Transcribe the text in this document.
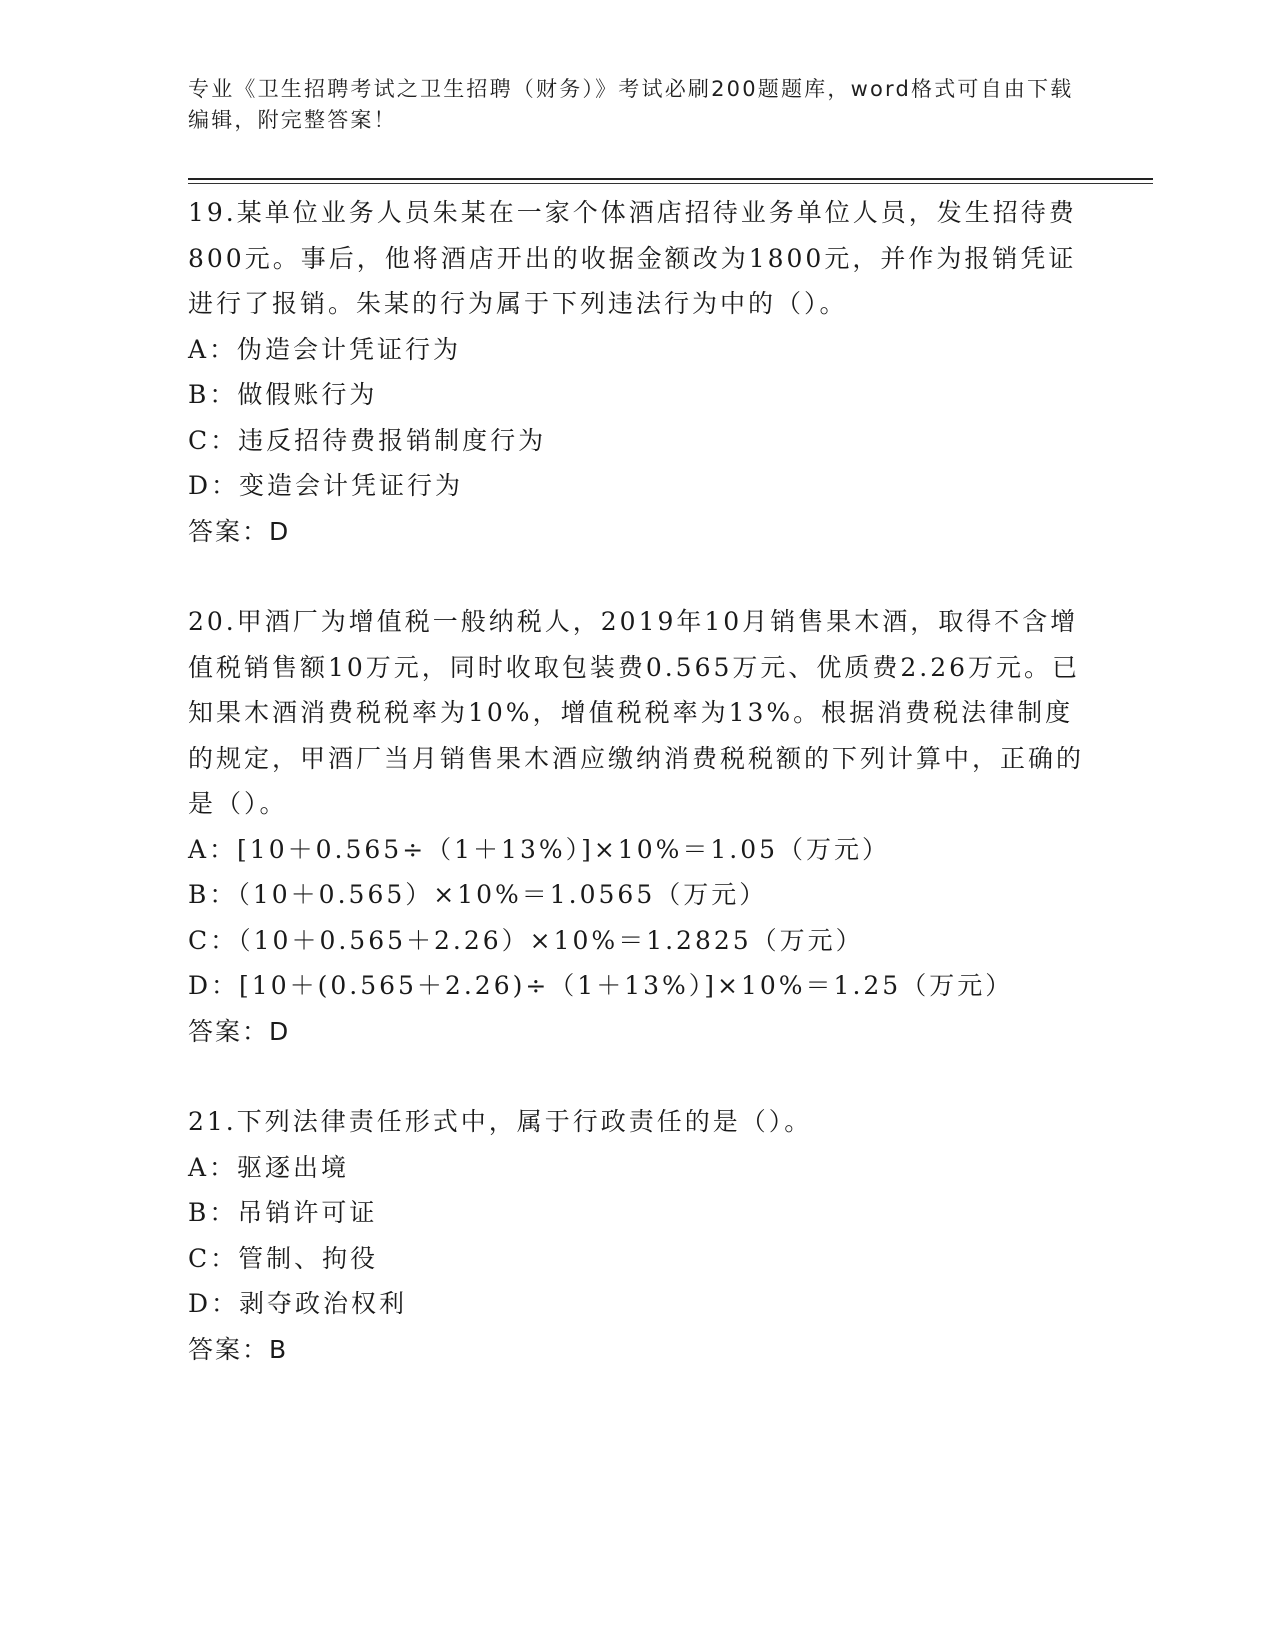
专业《卫生招聘考试之卫生招聘（财务）》考试必刷200题题库，word格式可自由下载编辑，附完整答案！

19.某单位业务人员朱某在一家个体酒店招待业务单位人员，发生招待费800元。事后，他将酒店开出的收据金额改为1800元，并作为报销凭证进行了报销。朱某的行为属于下列违法行为中的（）。

A：伪造会计凭证行为

B：做假账行为

C：违反招待费报销制度行为

D：变造会计凭证行为

答案：D

20.甲酒厂为增值税一般纳税人，2019年10月销售果木酒，取得不含增值税销售额10万元，同时收取包装费0.565万元、优质费2.26万元。已知果木酒消费税税率为10%，增值税税率为13%。根据消费税法律制度的规定，甲酒厂当月销售果木酒应缴纳消费税税额的下列计算中，正确的是（）。

A：[10＋0.565÷（1＋13%）]×10%＝1.05（万元）

B：（10＋0.565）×10%＝1.0565（万元）

C：（10＋0.565＋2.26）×10%＝1.2825（万元）

D：[10＋(0.565＋2.26)÷（1＋13%）]×10%＝1.25（万元）

答案：D

21.下列法律责任形式中，属于行政责任的是（）。

A：驱逐出境

B：吊销许可证

C：管制、拘役

D：剥夺政治权利

答案：B
